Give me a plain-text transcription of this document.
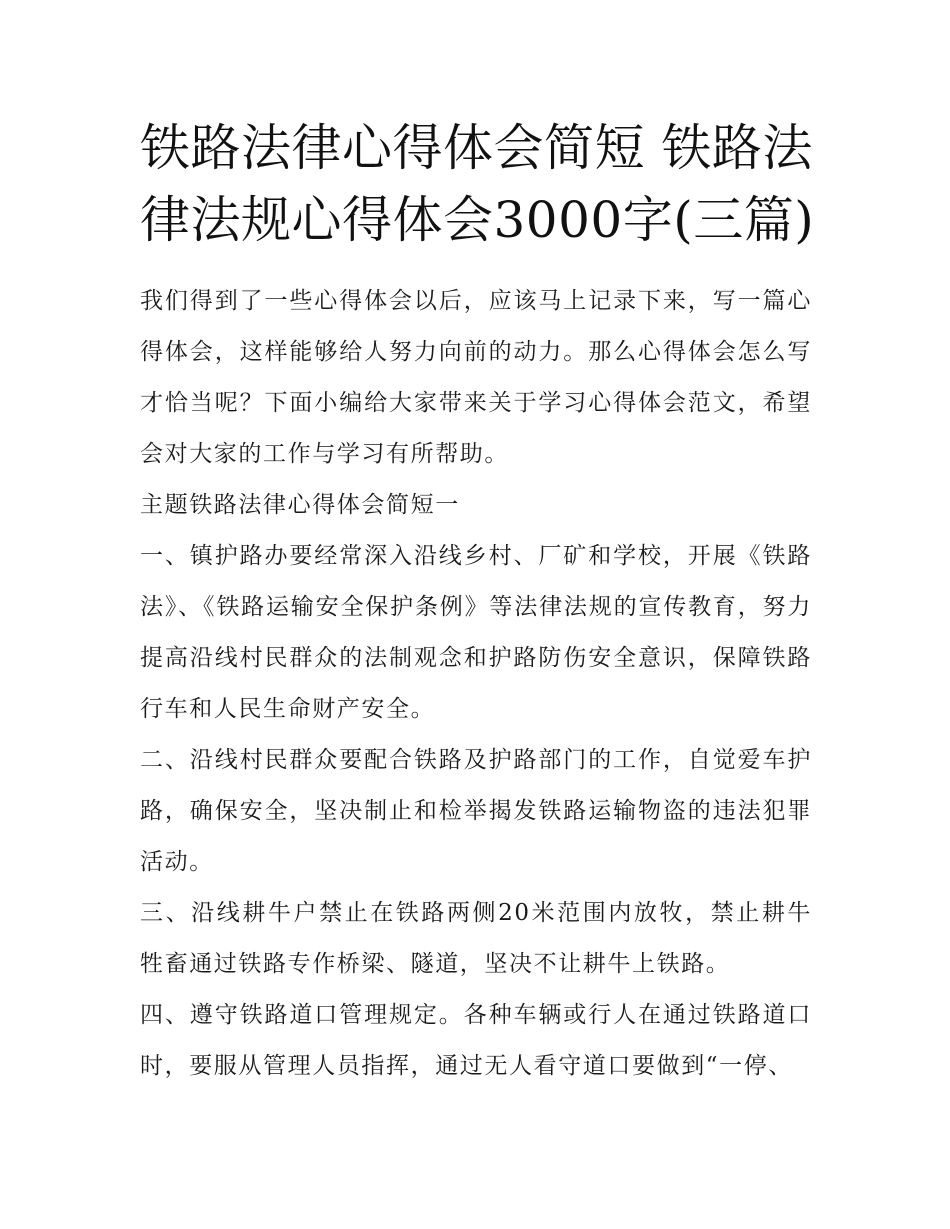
铁路法律心得体会简短 铁路法律法规心得体会3000字(三篇)

我们得到了一些心得体会以后，应该马上记录下来，写一篇心得体会，这样能够给人努力向前的动力。那么心得体会怎么写才恰当呢？下面小编给大家带来关于学习心得体会范文，希望会对大家的工作与学习有所帮助。

主题铁路法律心得体会简短一

一、镇护路办要经常深入沿线乡村、厂矿和学校，开展《铁路法》、《铁路运输安全保护条例》等法律法规的宣传教育，努力提高沿线村民群众的法制观念和护路防伤安全意识，保障铁路行车和人民生命财产安全。

二、沿线村民群众要配合铁路及护路部门的工作，自觉爱车护路，确保安全，坚决制止和检举揭发铁路运输物盗的违法犯罪活动。

三、沿线耕牛户禁止在铁路两侧20米范围内放牧，禁止耕牛牲畜通过铁路专作桥梁、隧道，坚决不让耕牛上铁路。

四、遵守铁路道口管理规定。各种车辆或行人在通过铁路道口时，要服从管理人员指挥，通过无人看守道口要做到“一停、
